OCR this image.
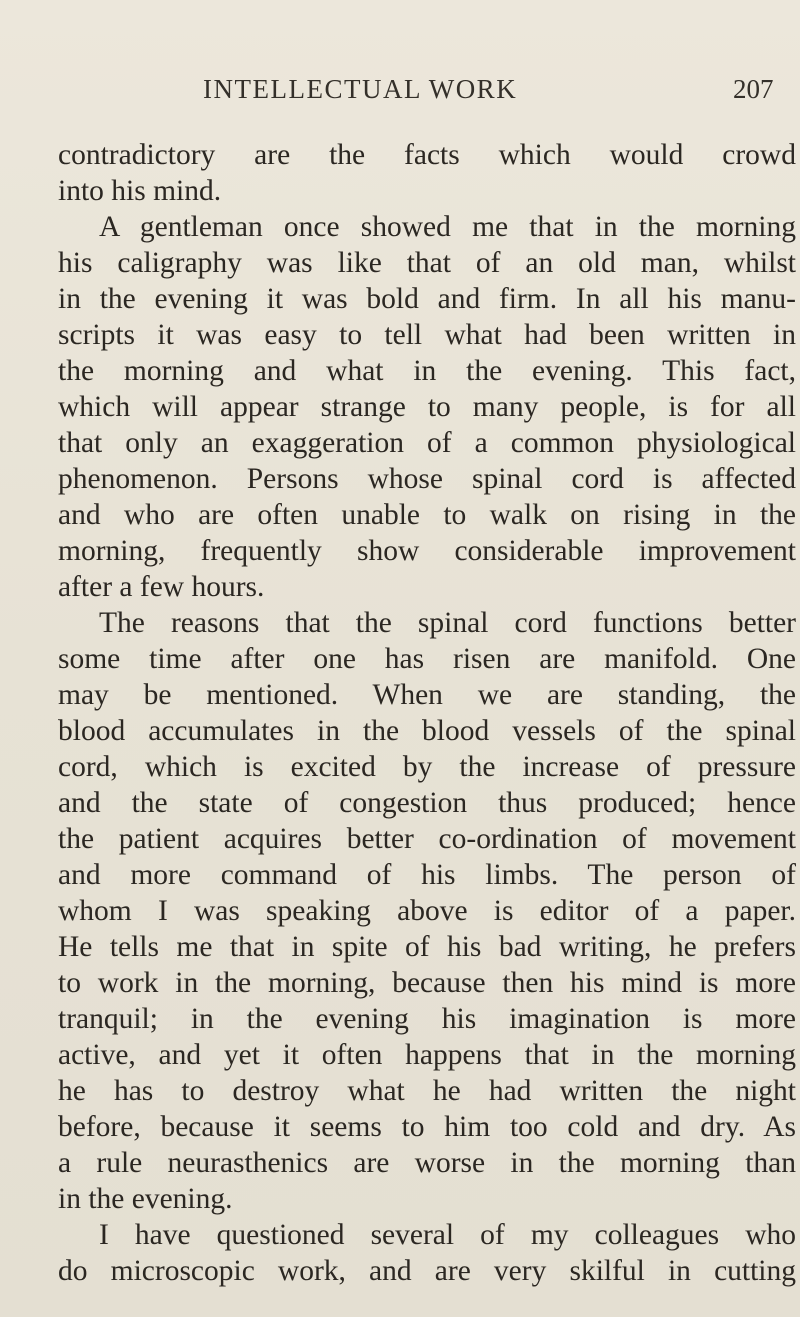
INTELLECTUAL WORK	207
contradictory are the facts which would crowd
into his mind.
A gentleman once showed me that in the morning
his caligraphy was like that of an old man, whilst
in the evening it was bold and firm. In all his manu-
scripts it was easy to tell what had been written in
the morning and what in the evening. This fact,
which will appear strange to many people, is for all
that only an exaggeration of a common physiological
phenomenon. Persons whose spinal cord is affected
and who are often unable to walk on rising in the
morning, frequently show considerable improvement
after a few hours.
The reasons that the spinal cord functions better
some time after one has risen are manifold. One
may be mentioned. When we are standing, the
blood accumulates in the blood vessels of the spinal
cord, which is excited by the increase of pressure
and the state of congestion thus produced; hence
the patient acquires better co-ordination of movement
and more command of his limbs. The person of
whom I was speaking above is editor of a paper.
He tells me that in spite of his bad writing, he prefers
to work in the morning, because then his mind is more
tranquil; in the evening his imagination is more
active, and yet it often happens that in the morning
he has to destroy what he had written the night
before, because it seems to him too cold and dry. As
a rule neurasthenics are worse in the morning than
in the evening.
I have questioned several of my colleagues who
do microscopic work, and are very skilful in cutting
